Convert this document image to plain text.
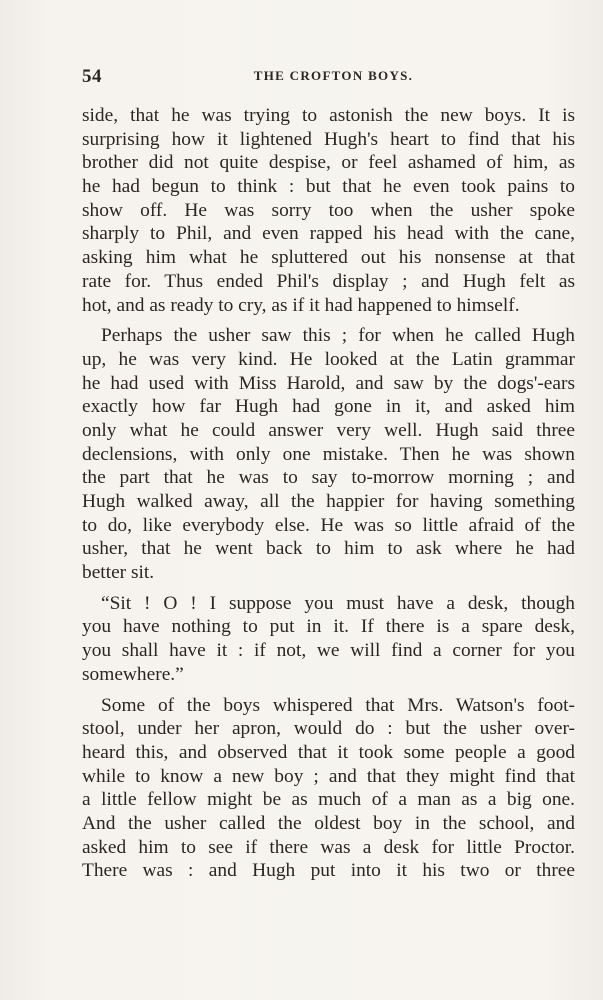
54	THE CROFTON BOYS.
side, that he was trying to astonish the new boys. It is
surprising how it lightened Hugh's heart to find that his
brother did not quite despise, or feel ashamed of him, as
he had begun to think : but that he even took pains to
show off. He was sorry too when the usher spoke
sharply to Phil, and even rapped his head with the cane,
asking him what he spluttered out his nonsense at that
rate for. Thus ended Phil's display ; and Hugh felt as
hot, and as ready to cry, as if it had happened to himself.
Perhaps the usher saw this ; for when he called Hugh
up, he was very kind. He looked at the Latin grammar
he had used with Miss Harold, and saw by the dogs'-ears
exactly how far Hugh had gone in it, and asked him
only what he could answer very well. Hugh said three
declensions, with only one mistake. Then he was shown
the part that he was to say to-morrow morning ; and
Hugh walked away, all the happier for having something
to do, like everybody else. He was so little afraid of the
usher, that he went back to him to ask where he had
better sit.
“Sit ! O ! I suppose you must have a desk, though
you have nothing to put in it. If there is a spare desk,
you shall have it : if not, we will find a corner for you
somewhere.”
Some of the boys whispered that Mrs. Watson's foot-
stool, under her apron, would do : but the usher over-
heard this, and observed that it took some people a good
while to know a new boy ; and that they might find that
a little fellow might be as much of a man as a big one.
And the usher called the oldest boy in the school, and
asked him to see if there was a desk for little Proctor.
There was : and Hugh put into it his two or three
